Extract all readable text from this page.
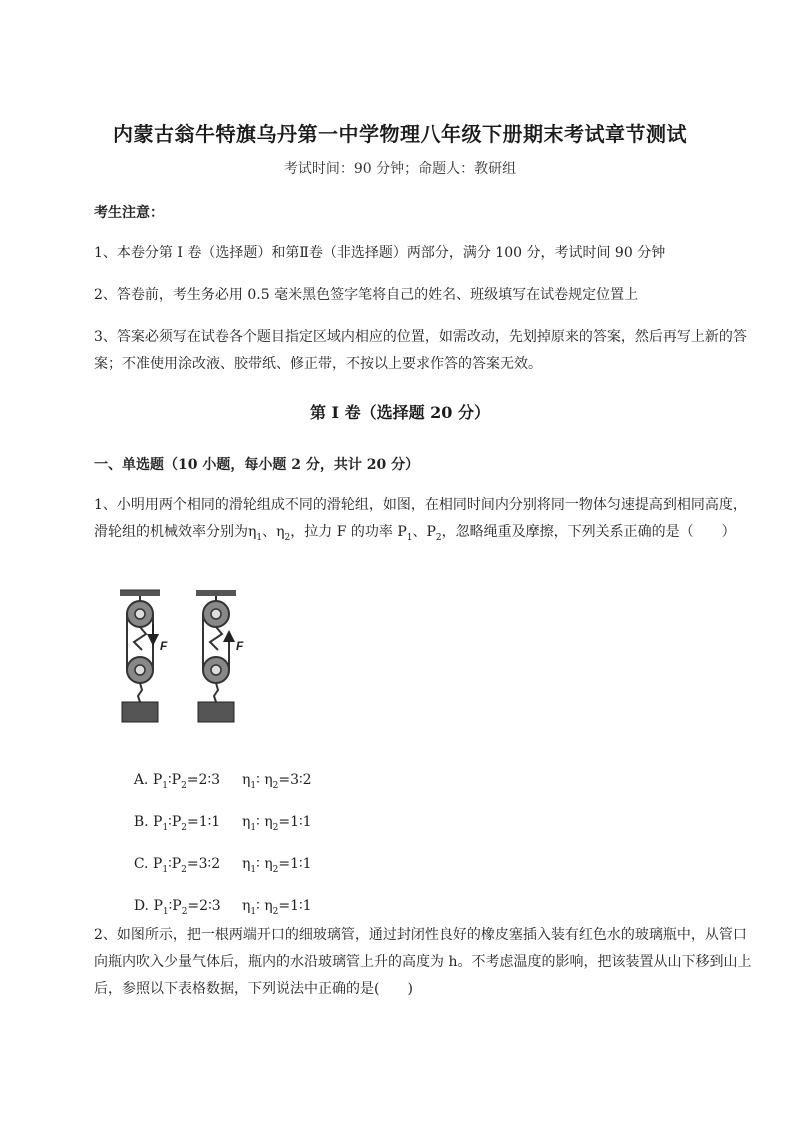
内蒙古翁牛特旗乌丹第一中学物理八年级下册期末考试章节测试
考试时间：90 分钟；命题人：教研组
考生注意：
1、本卷分第 I 卷（选择题）和第Ⅱ卷（非选择题）两部分，满分 100 分，考试时间 90 分钟
2、答卷前，考生务必用 0.5 毫米黑色签字笔将自己的姓名、班级填写在试卷规定位置上
3、答案必须写在试卷各个题目指定区域内相应的位置，如需改动，先划掉原来的答案，然后再写上新的答案；不准使用涂改液、胶带纸、修正带，不按以上要求作答的答案无效。
第 I 卷（选择题 20 分）
一、单选题（10 小题，每小题 2 分，共计 20 分）
1、小明用两个相同的滑轮组成不同的滑轮组，如图，在相同时间内分别将同一物体匀速提高到相同高度，滑轮组的机械效率分别为$\eta_1$、$\eta_2$，拉力 F 的功率 $P_1$、$P_2$，忽略绳重及摩擦，下列关系正确的是（　　）
F	F

A. $P_1∶P_2=2∶3$ $\eta_1∶$ $\eta_2=3∶2$

B. $P_1∶P_2=1∶1$ $\eta_1∶$ $\eta_2=1∶1$

C. $P_1∶P_2=3∶2$ $\eta_1∶$ $\eta_2=1∶1$

D. $P_1∶P_2=2∶3$ $\eta_1∶$ $\eta_2=1∶1$

2、如图所示，把一根两端开口的细玻璃管，通过封闭性良好的橡皮塞插入装有红色水的玻璃瓶中，从管口向瓶内吹入少量气体后，瓶内的水沿玻璃管上升的高度为 h。不考虑温度的影响，把该装置从山下移到山上后，参照以下表格数据，下列说法中正确的是(　　)
